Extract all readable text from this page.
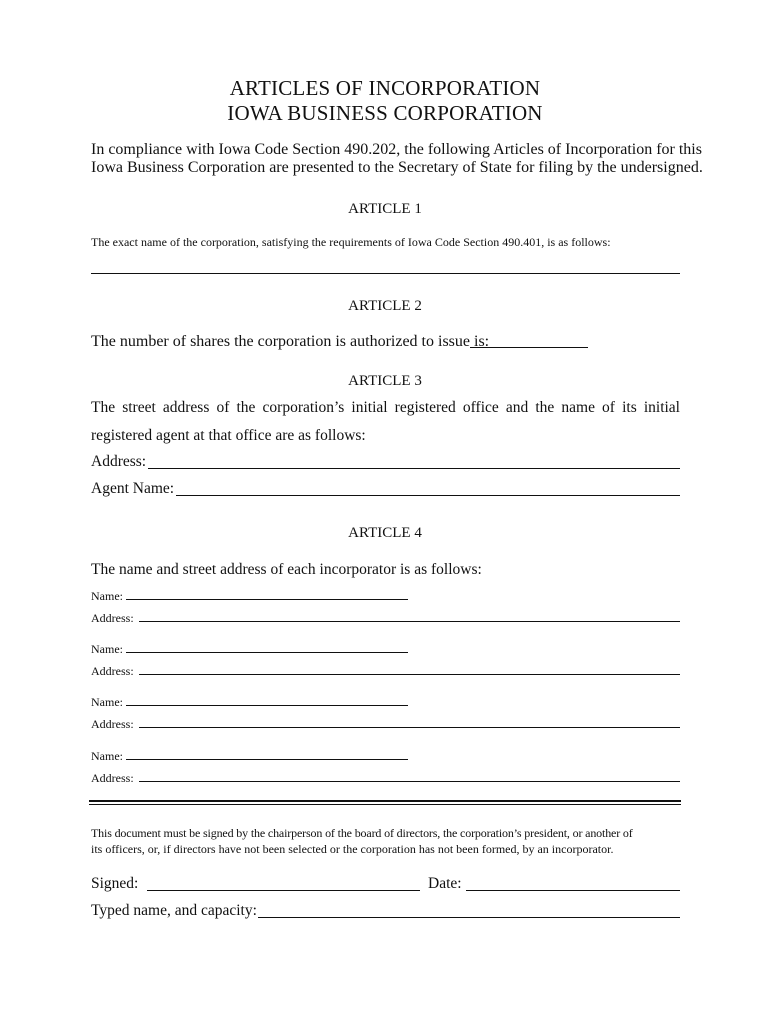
ARTICLES OF INCORPORATION
IOWA BUSINESS CORPORATION
In compliance with Iowa Code Section 490.202, the following Articles of Incorporation for this
Iowa Business Corporation are presented to the Secretary of State for filing by the undersigned.
ARTICLE 1
The exact name of the corporation, satisfying the requirements of Iowa Code Section 490.401, is as follows:
ARTICLE 2
The number of shares the corporation is authorized to issue is:
ARTICLE 3
The street address of the corporation’s initial registered office and the name of its initial
registered agent at that office are as follows:
Address:
Agent Name:
ARTICLE 4
The name and street address of each incorporator is as follows:
Name:
Address:
Name:
Address:
Name:
Address:
Name:
Address:
This document must be signed by the chairperson of the board of directors, the corporation’s president, or another of
its officers, or, if directors have not been selected or the corporation has not been formed, by an incorporator.
Signed:	Date:
Typed name, and capacity:
